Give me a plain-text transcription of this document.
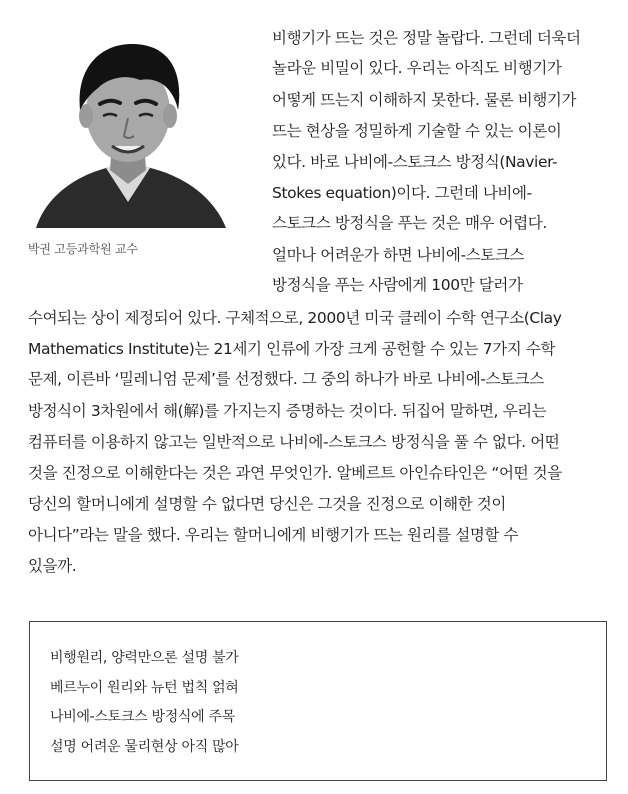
박권 고등과학원 교수
비행기가 뜨는 것은 정말 놀랍다. 그런데 더욱더
놀라운 비밀이 있다. 우리는 아직도 비행기가
어떻게 뜨는지 이해하지 못한다. 물론 비행기가
뜨는 현상을 정밀하게 기술할 수 있는 이론이
있다. 바로 나비에-스토크스 방정식(Navier-
Stokes equation)이다. 그런데 나비에-
스토크스 방정식을 푸는 것은 매우 어렵다.
얼마나 어려운가 하면 나비에-스토크스
방정식을 푸는 사람에게 100만 달러가
수여되는 상이 제정되어 있다. 구체적으로, 2000년 미국 클레이 수학 연구소(Clay
Mathematics Institute)는 21세기 인류에 가장 크게 공헌할 수 있는 7가지 수학
문제, 이른바 ‘밀레니엄 문제’를 선정했다. 그 중의 하나가 바로 나비에-스토크스
방정식이 3차원에서 해(解)를 가지는지 증명하는 것이다. 뒤집어 말하면, 우리는
컴퓨터를 이용하지 않고는 일반적으로 나비에-스토크스 방정식을 풀 수 없다. 어떤
것을 진정으로 이해한다는 것은 과연 무엇인가. 알베르트 아인슈타인은 “어떤 것을
당신의 할머니에게 설명할 수 없다면 당신은 그것을 진정으로 이해한 것이
아니다”라는 말을 했다. 우리는 할머니에게 비행기가 뜨는 원리를 설명할 수
있을까.
비행원리, 양력만으론 설명 불가
베르누이 원리와 뉴턴 법칙 얽혀
나비에-스토크스 방정식에 주목
설명 어려운 물리현상 아직 많아
